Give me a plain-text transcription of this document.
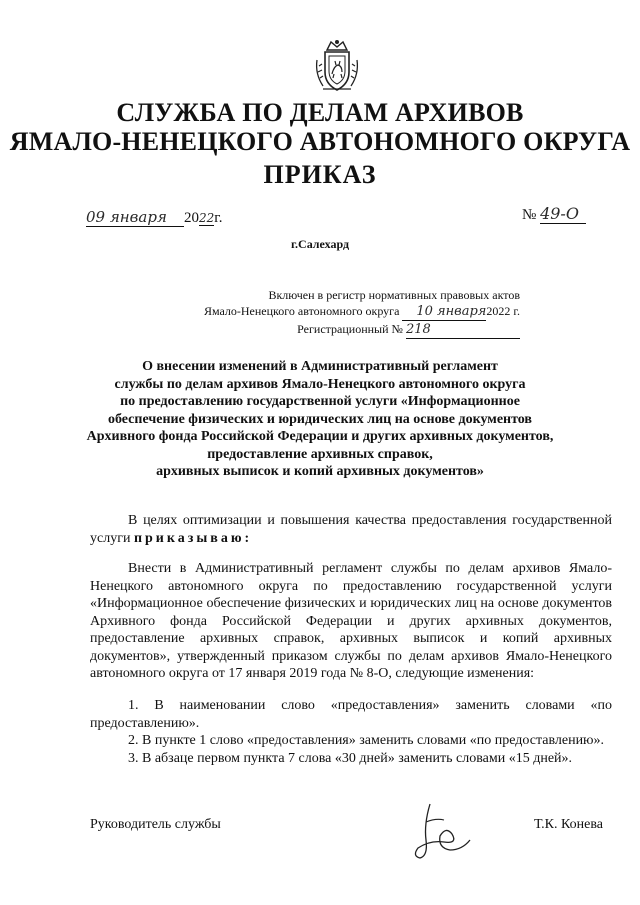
СЛУЖБА ПО ДЕЛАМ АРХИВОВ
ЯМАЛО-НЕНЕЦКОГО АВТОНОМНОГО ОКРУГА
ПРИКАЗ
09 января 2022г.	№ 49-О
г.Салехард
Включен в регистр нормативных правовых актов
Ямало-Ненецкого автономного округа 10 января2022 г.
Регистрационный № 218
О внесении изменений в Административный регламент
службы по делам архивов Ямало-Ненецкого автономного округа
по предоставлению государственной услуги «Информационное
обеспечение физических и юридических лиц на основе документов
Архивного фонда Российской Федерации и других архивных документов,
предоставление архивных справок,
архивных выписок и копий архивных документов»
В целях оптимизации и повышения качества предоставления государственной услуги приказываю:
Внести в Административный регламент службы по делам архивов Ямало-Ненецкого автономного округа по предоставлению государственной услуги «Информационное обеспечение физических и юридических лиц на основе документов Архивного фонда Российской Федерации и других архивных документов, предоставление архивных справок, архивных выписок и копий архивных документов», утвержденный приказом службы по делам архивов Ямало-Ненецкого автономного округа от 17 января 2019 года № 8-О, следующие изменения:
1. В наименовании слово «предоставления» заменить словами «по предоставлению».
2. В пункте 1 слово «предоставления» заменить словами «по предоставлению».
3. В абзаце первом пункта 7 слова «30 дней» заменить словами «15 дней».
Руководитель службы	Т.К. Конева
